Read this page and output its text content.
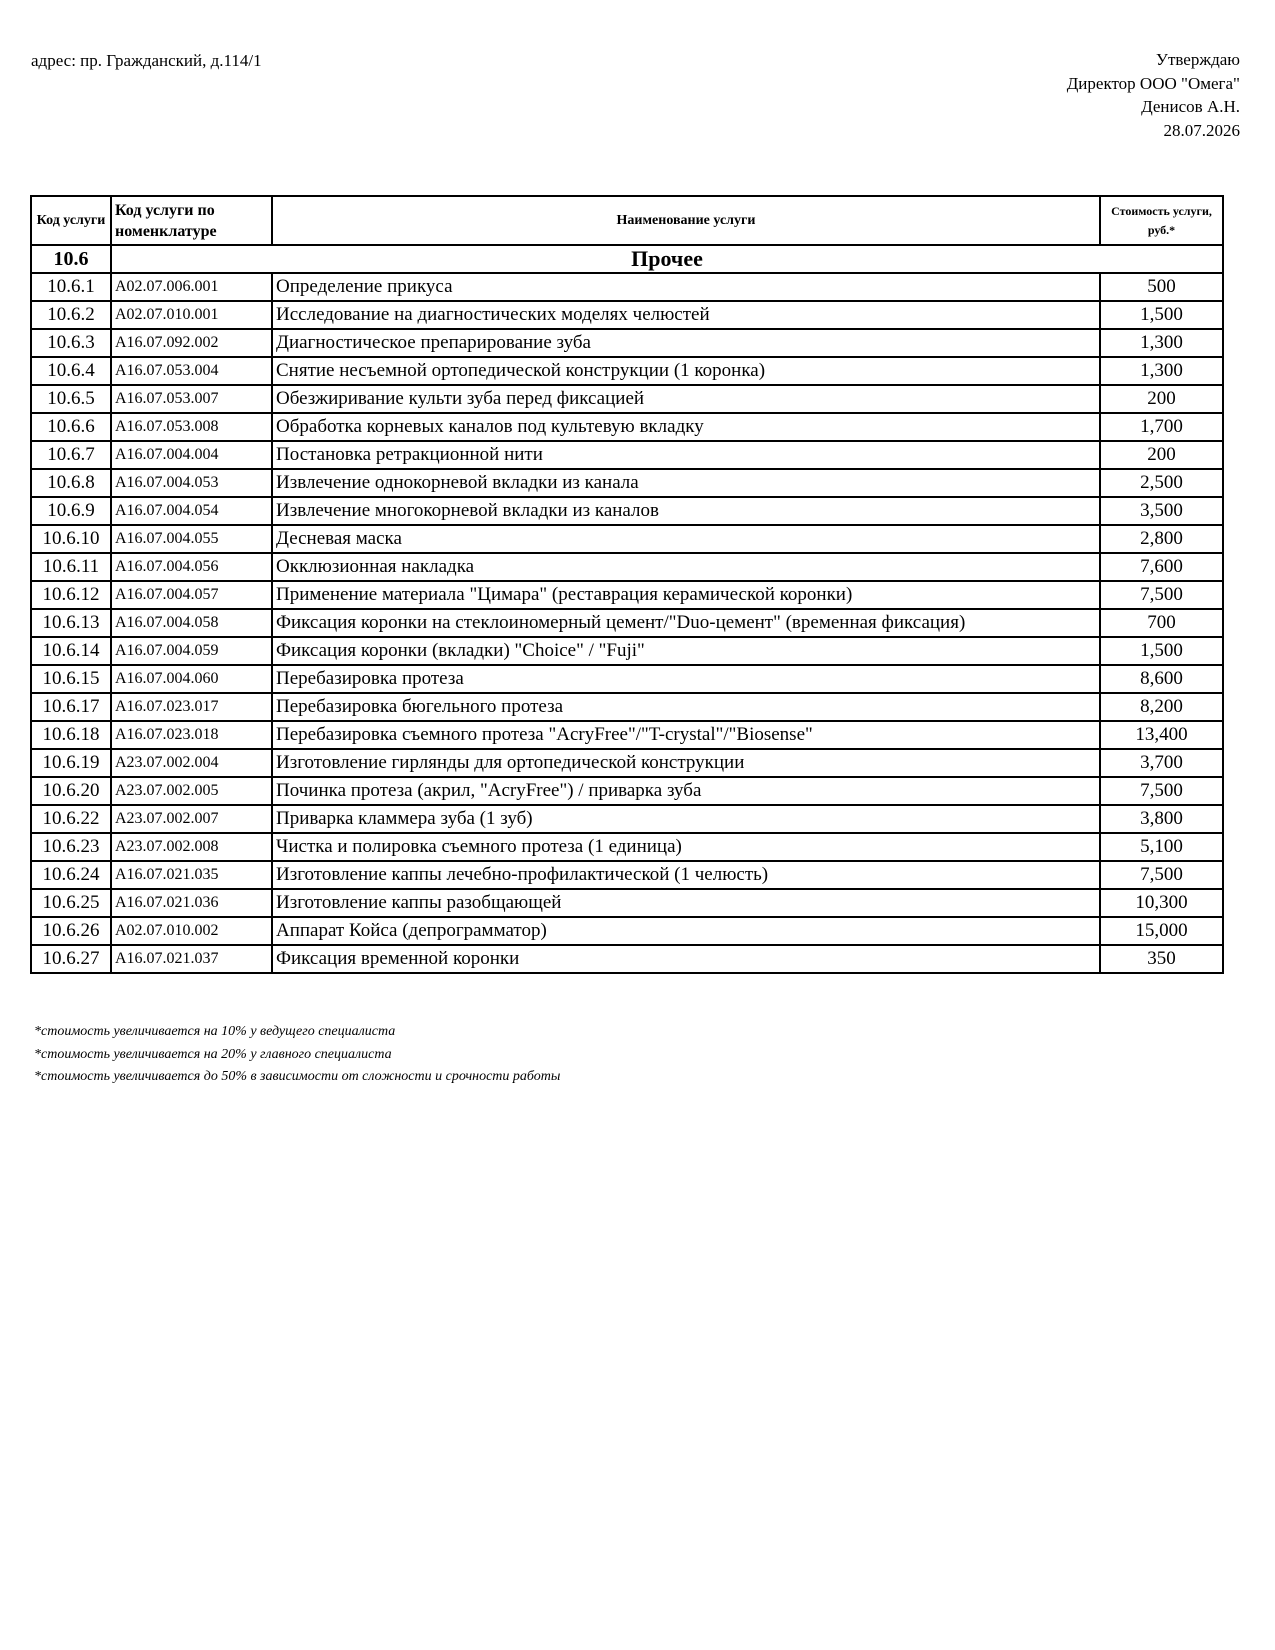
адрес: пр. Гражданский, д.114/1	Утверждаю
Директор ООО "Омега"
Денисов А.Н.
28.07.2026
Код услуги	Код услуги по номенклатуре	Наименование услуги	Стоимость услуги, руб.*
10.6	Прочее		
10.6.1	A02.07.006.001	Определение прикуса	500
10.6.2	A02.07.010.001	Исследование на диагностических моделях челюстей	1,500
10.6.3	A16.07.092.002	Диагностическое препарирование зуба	1,300
10.6.4	A16.07.053.004	Снятие несъемной ортопедической конструкции (1 коронка)	1,300
10.6.5	A16.07.053.007	Обезжиривание культи зуба перед фиксацией	200
10.6.6	A16.07.053.008	Обработка корневых каналов под культевую вкладку	1,700
10.6.7	A16.07.004.004	Постановка ретракционной нити	200
10.6.8	A16.07.004.053	Извлечение однокорневой вкладки из канала	2,500
10.6.9	A16.07.004.054	Извлечение многокорневой вкладки из каналов	3,500
10.6.10	A16.07.004.055	Десневая маска	2,800
10.6.11	A16.07.004.056	Окклюзионная накладка	7,600
10.6.12	A16.07.004.057	Применение материала "Цимара" (реставрация керамической коронки)	7,500
10.6.13	A16.07.004.058	Фиксация коронки на стеклоиномерный цемент/"Duo-цемент" (временная фиксация)	700
10.6.14	A16.07.004.059	Фиксация коронки (вкладки) "Choice" / "Fuji"	1,500
10.6.15	A16.07.004.060	Перебазировка протеза	8,600
10.6.17	A16.07.023.017	Перебазировка бюгельного протеза	8,200
10.6.18	A16.07.023.018	Перебазировка съемного протеза "AcryFree"/"T-crystal"/"Biosense"	13,400
10.6.19	A23.07.002.004	Изготовление гирлянды для ортопедической конструкции	3,700
10.6.20	A23.07.002.005	Починка протеза (акрил, "AcryFree") / приварка зуба	7,500
10.6.22	A23.07.002.007	Приварка кламмера зуба (1 зуб)	3,800
10.6.23	A23.07.002.008	Чистка и полировка съемного протеза (1 единица)	5,100
10.6.24	A16.07.021.035	Изготовление каппы лечебно-профилактической (1 челюсть)	7,500
10.6.25	A16.07.021.036	Изготовление каппы разобщающей	10,300
10.6.26	A02.07.010.002	Аппарат Койса (депрограмматор)	15,000
10.6.27	A16.07.021.037	Фиксация временной коронки	350
*стоимость увеличивается на 10% у ведущего специалиста
*стоимость увеличивается на 20% у главного специалиста
*стоимость увеличивается до 50% в зависимости от сложности и срочности работы
